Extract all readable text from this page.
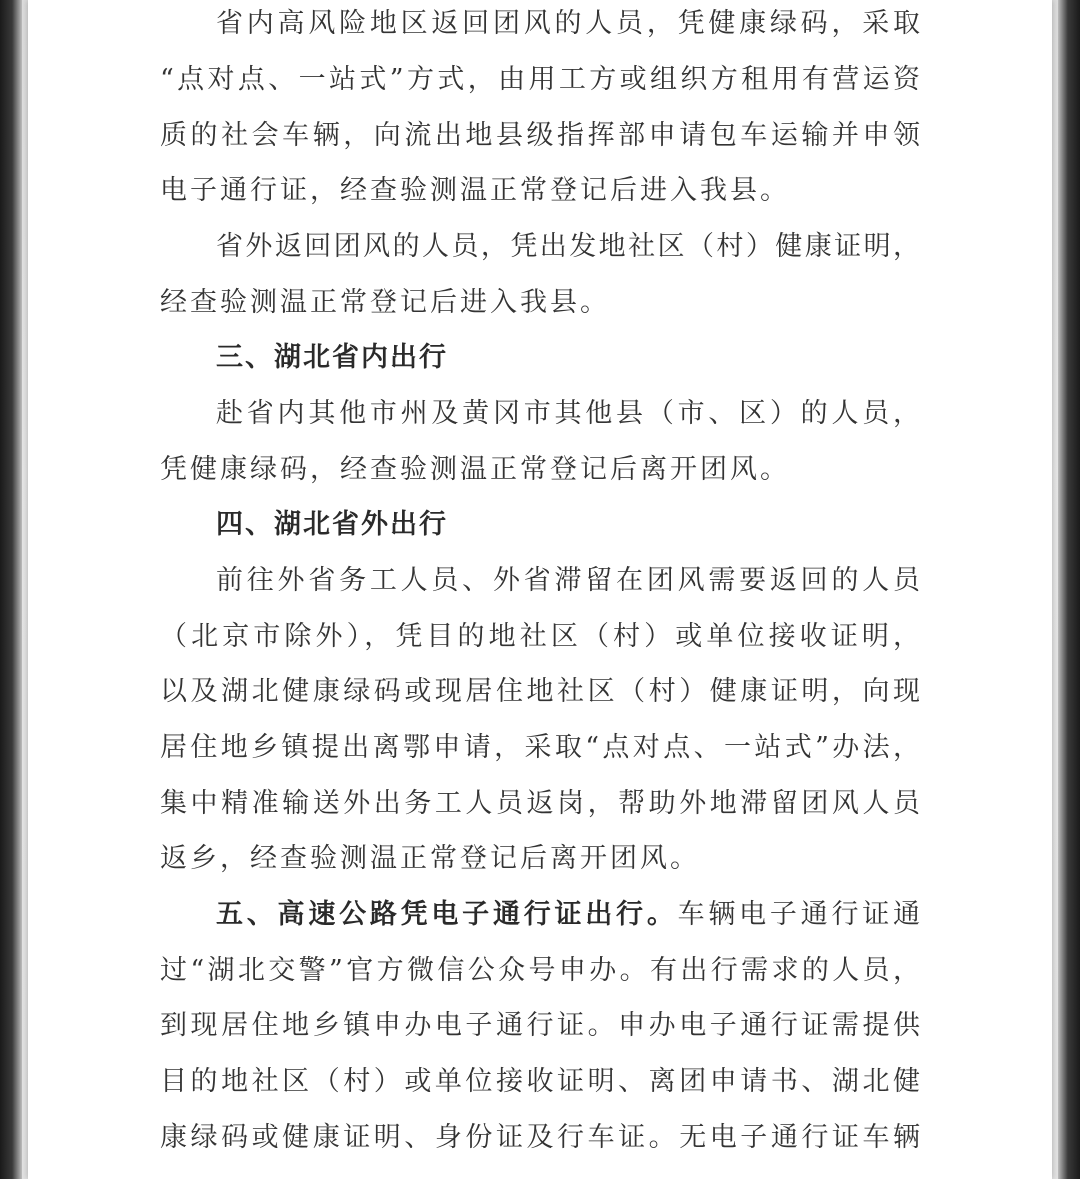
省内高风险地区返回团风的人员，凭健康绿码，采取
“点对点、一站式”方式，由用工方或组织方租用有营运资
质的社会车辆，向流出地县级指挥部申请包车运输并申领
电子通行证，经查验测温正常登记后进入我县。
省外返回团风的人员，凭出发地社区（村）健康证明，
经查验测温正常登记后进入我县。
三、湖北省内出行
赴省内其他市州及黄冈市其他县（市、区）的人员，
凭健康绿码，经查验测温正常登记后离开团风。
四、湖北省外出行
前往外省务工人员、外省滞留在团风需要返回的人员
（北京市除外），凭目的地社区（村）或单位接收证明，
以及湖北健康绿码或现居住地社区（村）健康证明，向现
居住地乡镇提出离鄂申请，采取“点对点、一站式”办法，
集中精准输送外出务工人员返岗，帮助外地滞留团风人员
返乡，经查验测温正常登记后离开团风。
五、高速公路凭电子通行证出行。车辆电子通行证通
过“湖北交警”官方微信公众号申办。有出行需求的人员，
到现居住地乡镇申办电子通行证。申办电子通行证需提供
目的地社区（村）或单位接收证明、离团申请书、湖北健
康绿码或健康证明、身份证及行车证。无电子通行证车辆
